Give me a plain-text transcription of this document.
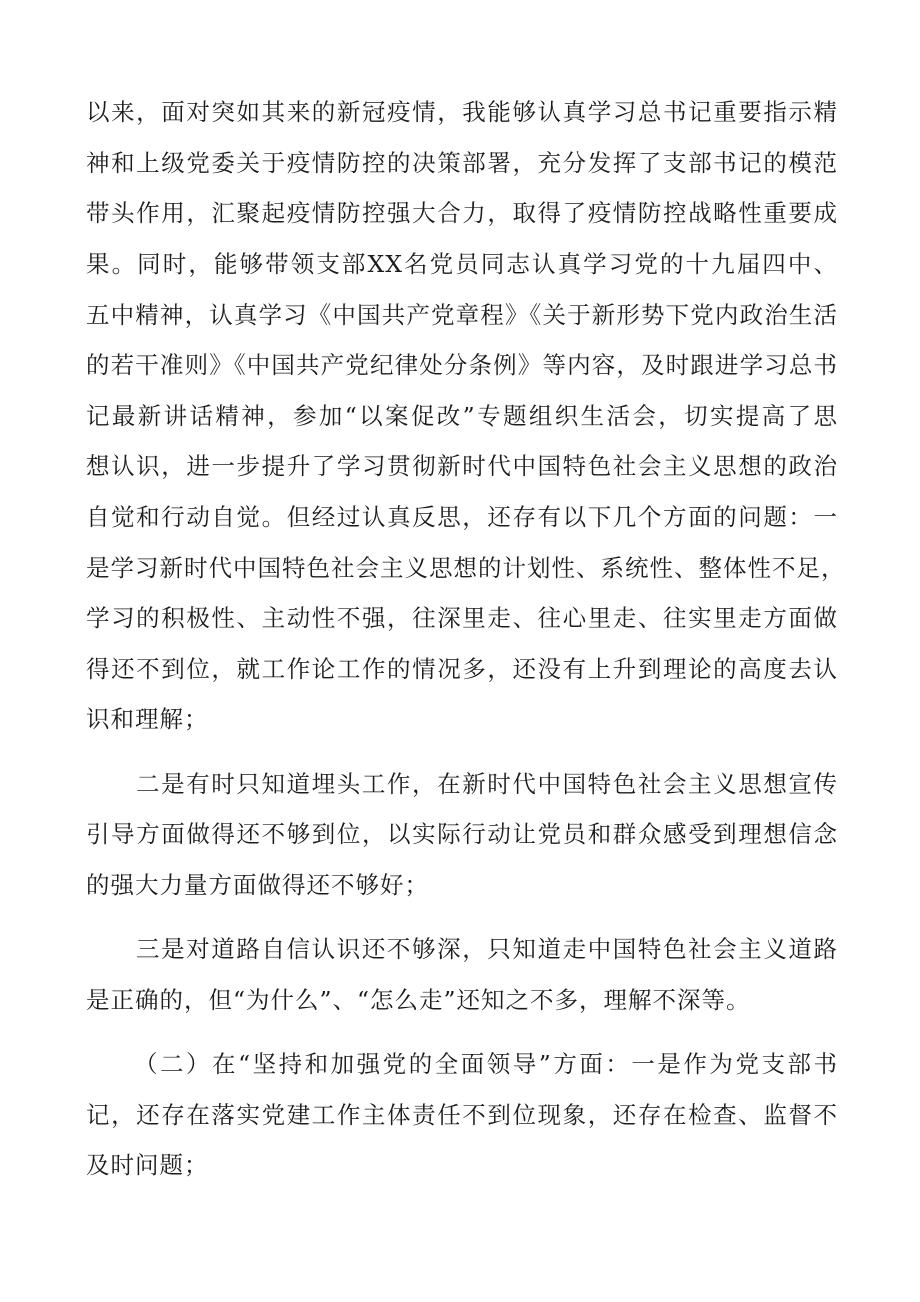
以来，面对突如其来的新冠疫情，我能够认真学习总书记重要指示精
神和上级党委关于疫情防控的决策部署，充分发挥了支部书记的模范
带头作用，汇聚起疫情防控强大合力，取得了疫情防控战略性重要成
果。同时，能够带领支部XX名党员同志认真学习党的十九届四中、
五中精神，认真学习《中国共产党章程》《关于新形势下党内政治生活
的若干准则》《中国共产党纪律处分条例》等内容，及时跟进学习总书
记最新讲话精神，参加“以案促改”专题组织生活会，切实提高了思
想认识，进一步提升了学习贯彻新时代中国特色社会主义思想的政治
自觉和行动自觉。但经过认真反思，还存有以下几个方面的问题：一
是学习新时代中国特色社会主义思想的计划性、系统性、整体性不足，
学习的积极性、主动性不强，往深里走、往心里走、往实里走方面做
得还不到位，就工作论工作的情况多，还没有上升到理论的高度去认
识和理解；
二是有时只知道埋头工作，在新时代中国特色社会主义思想宣传
引导方面做得还不够到位，以实际行动让党员和群众感受到理想信念
的强大力量方面做得还不够好；
三是对道路自信认识还不够深，只知道走中国特色社会主义道路
是正确的，但“为什么”、“怎么走”还知之不多，理解不深等。
（二）在“坚持和加强党的全面领导”方面：一是作为党支部书
记，还存在落实党建工作主体责任不到位现象，还存在检查、监督不
及时问题；
